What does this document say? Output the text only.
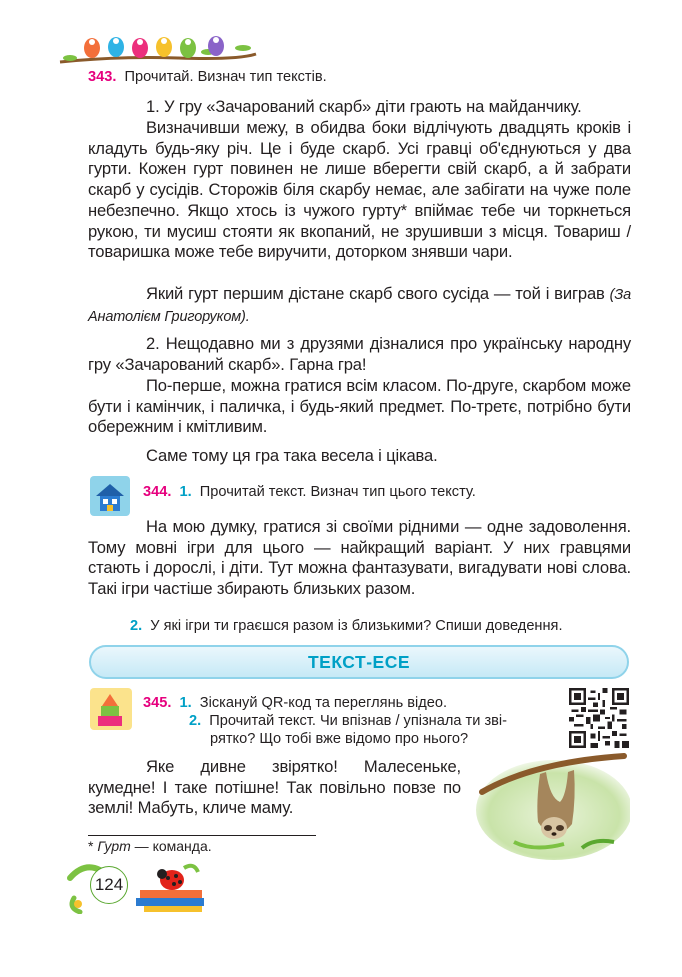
343. Прочитай. Визнач тип текстів.

1. У гру «Зачарований скарб» діти грають на майданчику.

Визначивши межу, в обидва боки відлічують двадцять кроків і кладуть будь-яку річ. Це і буде скарб. Усі гравці об'єднуються у два гурти. Кожен гурт повинен не лише вберегти свій скарб, а й забрати скарб у сусідів. Сторожів біля скарбу немає, але забігати на чуже поле небезпечно. Якщо хтось із чужого гурту* впіймає тебе чи торкнеться рукою, ти мусиш стояти як вкопаний, не зрушивши з місця. Товариш / товаришка може тебе виручити, доторком знявши чари.

Який гурт першим дістане скарб свого сусіда — той і виграв (За Анатолієм Григоруком).

2. Нещодавно ми з друзями дізналися про українську народну гру «Зачарований скарб». Гарна гра!

По-перше, можна гратися всім класом. По-друге, скарбом може бути і камінчик, і паличка, і будь-який предмет. По-третє, потрібно бути обережним і кмітливим.

Саме тому ця гра така весела і цікава.

344. 1. Прочитай текст. Визнач тип цього тексту.

На мою думку, гратися зі своїми рідними — одне задоволення. Тому мовні ігри для цього — найкращий варіант. У них гравцями стають і дорослі, і діти. Тут можна фантазувати, вигадувати нові слова. Такі ігри частіше збирають близьких разом.

2. У які ігри ти граєшся разом із близькими? Спиши доведення.
ТЕКСТ-ЕСЕ
345. 1. Зіскануй QR-код та переглянь відео.
2. Прочитай текст. Чи впізнав / упізнала ти зві-
рятко? Що тобі вже відомо про нього?

Яке дивне звірятко! Малесеньке, кумедне! І таке потішне! Так повільно повзе по землі! Мабуть, кличе маму.

* Гурт — команда.
124
